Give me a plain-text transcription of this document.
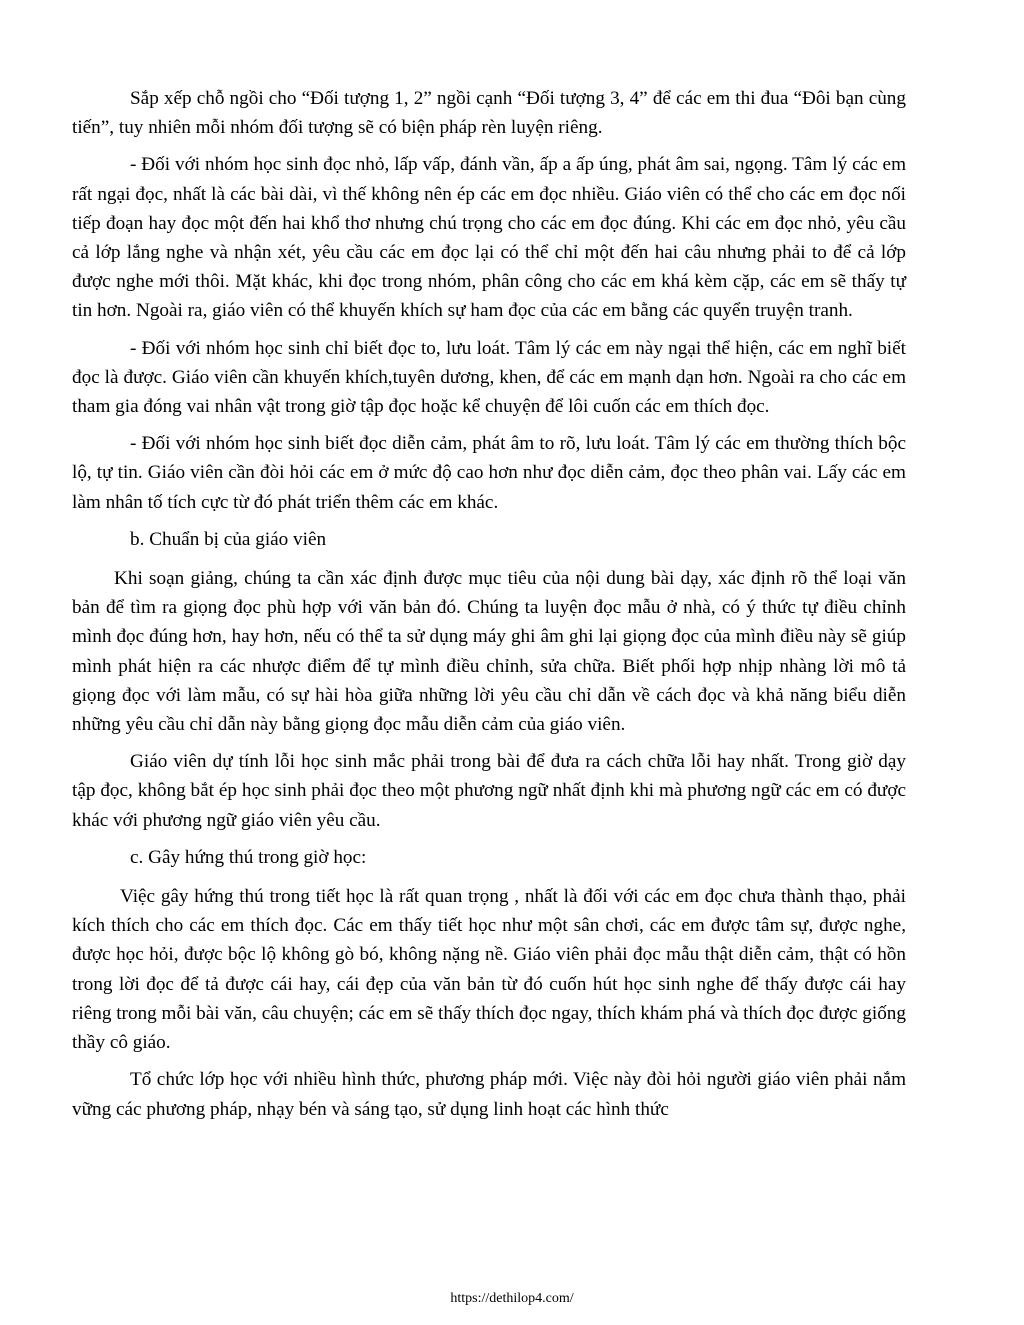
Sắp xếp chỗ ngồi cho “Đối tượng 1, 2” ngồi cạnh “Đối tượng 3, 4” để các em thi đua “Đôi bạn cùng tiến”, tuy nhiên mỗi nhóm đối tượng sẽ có biện pháp rèn luyện riêng.

- Đối với nhóm học sinh đọc nhỏ, lấp vấp, đánh vần, ấp a ấp úng, phát âm sai, ngọng. Tâm lý các em rất ngại đọc, nhất là các bài dài, vì thế không nên ép các em đọc nhiều. Giáo viên có thể cho các em đọc nối tiếp đoạn hay đọc một đến hai khổ thơ nhưng chú trọng cho các em đọc đúng. Khi các em đọc nhỏ, yêu cầu cả lớp lắng nghe và nhận xét, yêu cầu các em đọc lại có thể chỉ một đến hai câu nhưng phải to để cả lớp được nghe mới thôi. Mặt khác, khi đọc trong nhóm, phân công cho các em khá kèm cặp, các em sẽ thấy tự tin hơn. Ngoài ra, giáo viên có thể khuyến khích sự ham đọc của các em bằng các quyển truyện tranh.

- Đối với nhóm học sinh chỉ biết đọc to, lưu loát. Tâm lý các em này ngại thể hiện, các em nghĩ biết đọc là được. Giáo viên cần khuyến khích,tuyên dương, khen, để các em mạnh dạn hơn. Ngoài ra cho các em tham gia đóng vai nhân vật trong giờ tập đọc hoặc kể chuyện để lôi cuốn các em thích đọc.

- Đối với nhóm học sinh biết đọc diễn cảm, phát âm to rõ, lưu loát. Tâm lý các em thường thích bộc lộ, tự tin. Giáo viên cần đòi hỏi các em ở mức độ cao hơn như đọc diễn cảm, đọc theo phân vai. Lấy các em làm nhân tố tích cực từ đó phát triển thêm các em khác.

b. Chuẩn bị của giáo viên

Khi soạn giảng, chúng ta cần xác định được mục tiêu của nội dung bài dạy, xác định rõ thể loại văn bản để tìm ra giọng đọc phù hợp với văn bản đó. Chúng ta luyện đọc mẫu ở nhà, có ý thức tự điều chỉnh mình đọc đúng hơn, hay hơn, nếu có thể ta sử dụng máy ghi âm ghi lại giọng đọc của mình điều này sẽ giúp mình phát hiện ra các nhược điểm để tự mình điều chỉnh, sửa chữa. Biết phối hợp nhịp nhàng lời mô tả giọng đọc với làm mẫu, có sự hài hòa giữa những lời yêu cầu chỉ dẫn về cách đọc và khả năng biểu diễn những yêu cầu chỉ dẫn này bằng giọng đọc mẫu diễn cảm của giáo viên.

Giáo viên dự tính lỗi học sinh mắc phải trong bài để đưa ra cách chữa lỗi hay nhất. Trong giờ dạy tập đọc, không bắt ép học sinh phải đọc theo một phương ngữ nhất định khi mà phương ngữ các em có được khác với phương ngữ giáo viên yêu cầu.

c. Gây hứng thú trong giờ học:

Việc gây hứng thú trong tiết học là rất quan trọng , nhất là đối với các em đọc chưa thành thạo, phải kích thích cho các em thích đọc. Các em thấy tiết học như một sân chơi, các em được tâm sự, được nghe, được học hỏi, được bộc lộ không gò bó, không nặng nề. Giáo viên phải đọc mẫu thật diễn cảm, thật có hồn trong lời đọc để tả được cái hay, cái đẹp của văn bản từ đó cuốn hút học sinh nghe để thấy được cái hay riêng trong mỗi bài văn, câu chuyện; các em sẽ thấy thích đọc ngay, thích khám phá và thích đọc được giống thầy cô giáo.

Tổ chức lớp học với nhiều hình thức, phương pháp mới. Việc này đòi hỏi người giáo viên phải nắm vững các phương pháp, nhạy bén và sáng tạo, sử dụng linh hoạt các hình thức

https://dethilop4.com/
